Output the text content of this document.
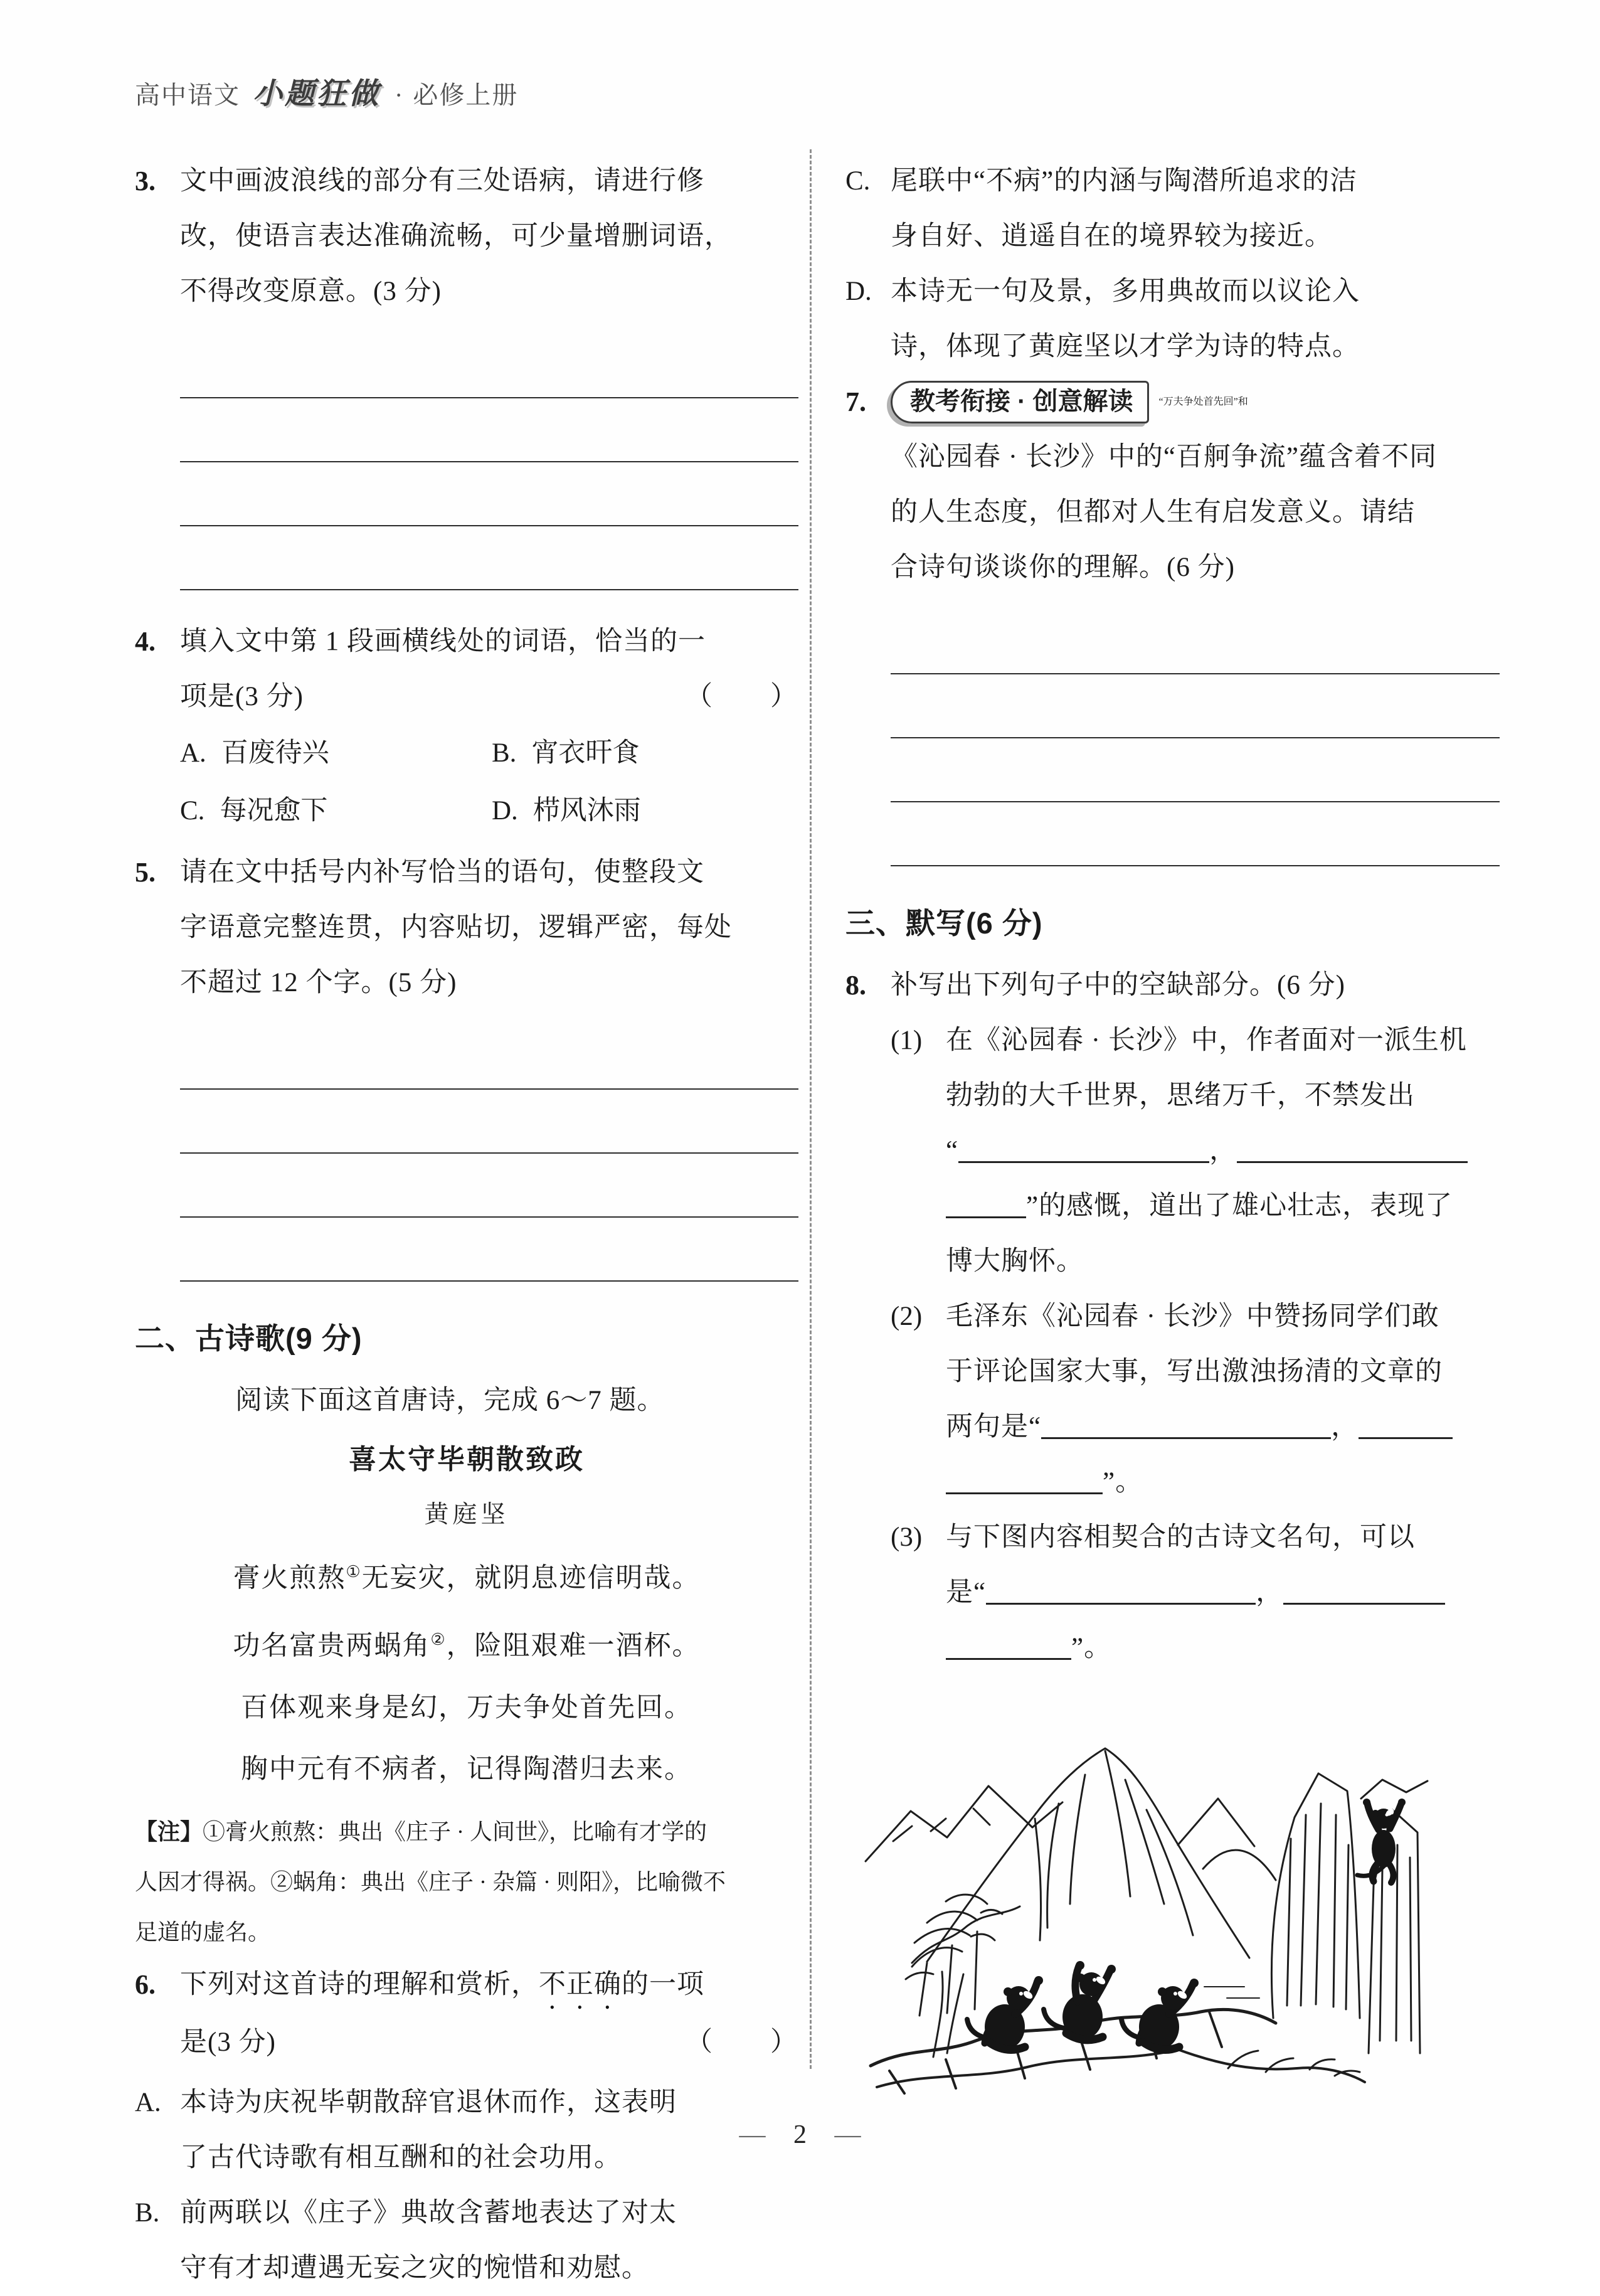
高中语文 小题狂做 · 必修上册
3. 文中画波浪线的部分有三处语病，请进行修
改，使语言表达准确流畅，可少量增删词语，
不得改变原意。(3 分)
4. 填入文中第 1 段画横线处的词语，恰当的一
项是(3 分)	（　　）
A. 百废待兴	B. 宵衣旰食
C. 每况愈下	D. 栉风沐雨
5. 请在文中括号内补写恰当的语句，使整段文
字语意完整连贯，内容贴切，逻辑严密，每处
不超过 12 个字。(5 分)
二、古诗歌(9 分)
阅读下面这首唐诗，完成 6～7 题。
喜太守毕朝散致政
黄庭坚
膏火煎熬①无妄灾，就阴息迹信明哉。
功名富贵两蜗角②，险阻艰难一酒杯。
百体观来身是幻，万夫争处首先回。
胸中元有不病者，记得陶潜归去来。
【注】①膏火煎熬：典出《庄子 · 人间世》，比喻有才学的
人因才得祸。②蜗角：典出《庄子 · 杂篇 · 则阳》，比喻微不
足道的虚名。
6. 下列对这首诗的理解和赏析，不正确的一项
是(3 分)	（　　）
A. 本诗为庆祝毕朝散辞官退休而作，这表明
了古代诗歌有相互酬和的社会功用。
B. 前两联以《庄子》典故含蓄地表达了对太
守有才却遭遇无妄之灾的惋惜和劝慰。
C. 尾联中“不病”的内涵与陶潜所追求的洁
身自好、逍遥自在的境界较为接近。
D. 本诗无一句及景，多用典故而以议论入
诗，体现了黄庭坚以才学为诗的特点。
7.	教考衔接 · 创意解读	“万夫争处首先回”和
《沁园春 · 长沙》中的“百舸争流”蕴含着不同
的人生态度，但都对人生有启发意义。请结
合诗句谈谈你的理解。(6 分)
三、默写(6 分)
8. 补写出下列句子中的空缺部分。(6 分)
(1) 在《沁园春 · 长沙》中，作者面对一派生机
勃勃的大千世界，思绪万千，不禁发出
“	，
”的感慨，道出了雄心壮志，表现了
博大胸怀。
(2) 毛泽东《沁园春 · 长沙》中赞扬同学们敢
于评论国家大事，写出激浊扬清的文章的
两句是“	，
”。
(3) 与下图内容相契合的古诗文名句，可以
是“	，
”。
— 2 —
